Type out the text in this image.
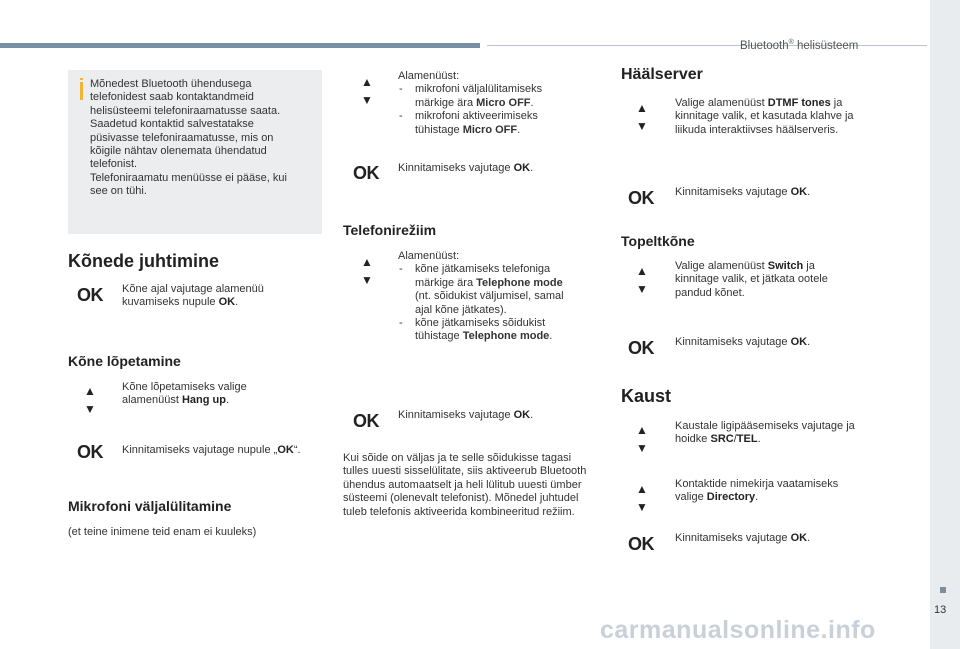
Bluetooth® helisüsteem
13
carmanualsonline.info

Mõnedest Bluetooth ühendusega
telefonidest saab kontaktandmeid
helisüsteemi telefoniraamatusse saata.
Saadetud kontaktid salvestatakse
püsivasse telefoniraamatusse, mis on
kõigile nähtav olenemata ühendatud
telefonist.
Telefoniraamatu menüüsse ei pääse, kui
see on tühi.

Kõnede juhtimine
OK Kõne ajal vajutage alamenüü
kuvamiseks nupule OK.

Kõne lõpetamine
▲
▼

Kõne lõpetamiseks valige
alamenüüst Hang up.

OK Kinnitamiseks vajutage nupule „OK“.

Mikrofoni väljalülitamine

(et teine inimene teid enam ei kuuleks)

▲
▼

Alamenüüst:

- mikrofoni väljalülitamiseks märkige ära Micro OFF.
- mikrofoni aktiveerimiseks tühistage Micro OFF.
OK Kinnitamiseks vajutage OK.

Telefonirežiim
▲
▼

Alamenüüst:

- kõne jätkamiseks telefoniga märkige ära Telephone mode (nt. sõidukist väljumisel, samal ajal kõne jätkates).
- kõne jätkamiseks sõidukist tühistage Telephone mode.
OK Kinnitamiseks vajutage OK.

Kui sõide on väljas ja te selle sõidukisse tagasi tulles uuesti sisselülitate, siis aktiveerub Bluetooth ühendus automaatselt ja heli lülitub uuesti ümber süsteemi (olenevalt telefonist). Mõnedel juhtudel tuleb telefonis aktiveerida kombineeritud režiim.

Häälserver
▲
▼

Valige alamenüüst DTMF tones ja kinnitage valik, et kasutada klahve ja liikuda interaktiivses häälserveris.

OK Kinnitamiseks vajutage OK.

Topeltkõne
▲
▼

Valige alamenüüst Switch ja kinnitage valik, et jätkata ootele pandud kõnet.

OK Kinnitamiseks vajutage OK.

Kaust
▲
▼

Kaustale ligipääsemiseks vajutage ja hoidke SRC/TEL.

▲
▼

Kontaktide nimekirja vaatamiseks valige Directory.

OK Kinnitamiseks vajutage OK.
